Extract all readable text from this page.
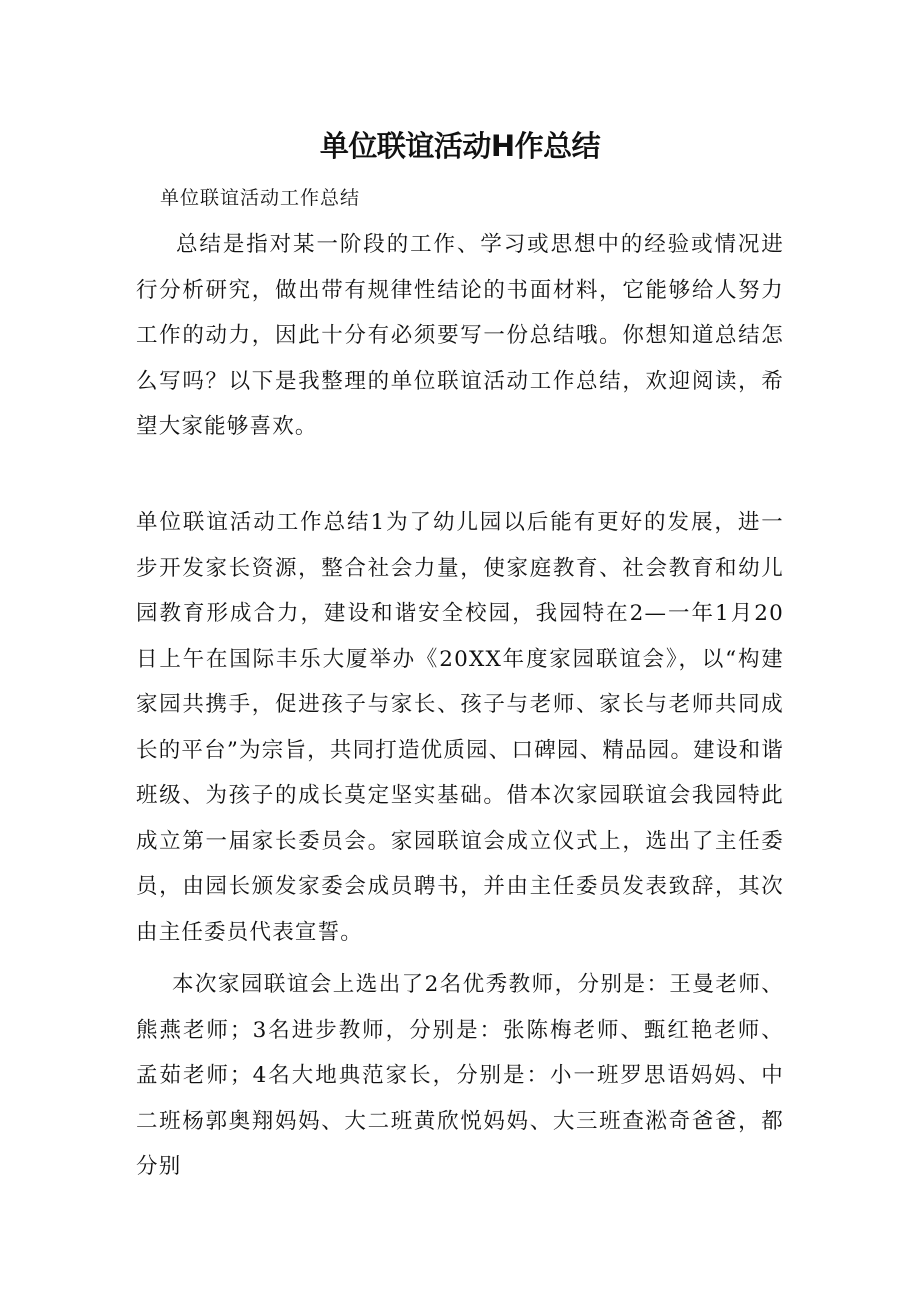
单位联谊活动H作总结

单位联谊活动工作总结

总结是指对某一阶段的工作、学习或思想中的经验或情况进行分析研究，做出带有规律性结论的书面材料，它能够给人努力工作的动力，因此十分有必须要写一份总结哦。你想知道总结怎么写吗？以下是我整理的单位联谊活动工作总结，欢迎阅读，希望大家能够喜欢。

单位联谊活动工作总结1为了幼儿园以后能有更好的发展，进一步开发家长资源，整合社会力量，使家庭教育、社会教育和幼儿园教育形成合力，建设和谐安全校园，我园特在2—一年1月20日上午在国际丰乐大厦举办《20XX年度家园联谊会》，以“构建家园共携手，促进孩子与家长、孩子与老师、家长与老师共同成长的平台”为宗旨，共同打造优质园、口碑园、精品园。建设和谐班级、为孩子的成长莫定坚实基础。借本次家园联谊会我园特此成立第一届家长委员会。家园联谊会成立仪式上，选出了主任委员，由园长颁发家委会成员聘书，并由主任委员发表致辞，其次由主任委员代表宣誓。

本次家园联谊会上选出了2名优秀教师，分别是：王曼老师、熊燕老师；3名进步教师，分别是：张陈梅老师、甄红艳老师、孟茹老师；4名大地典范家长，分别是：小一班罗思语妈妈、中二班杨郭奥翔妈妈、大二班黄欣悦妈妈、大三班查淞奇爸爸，都分别
